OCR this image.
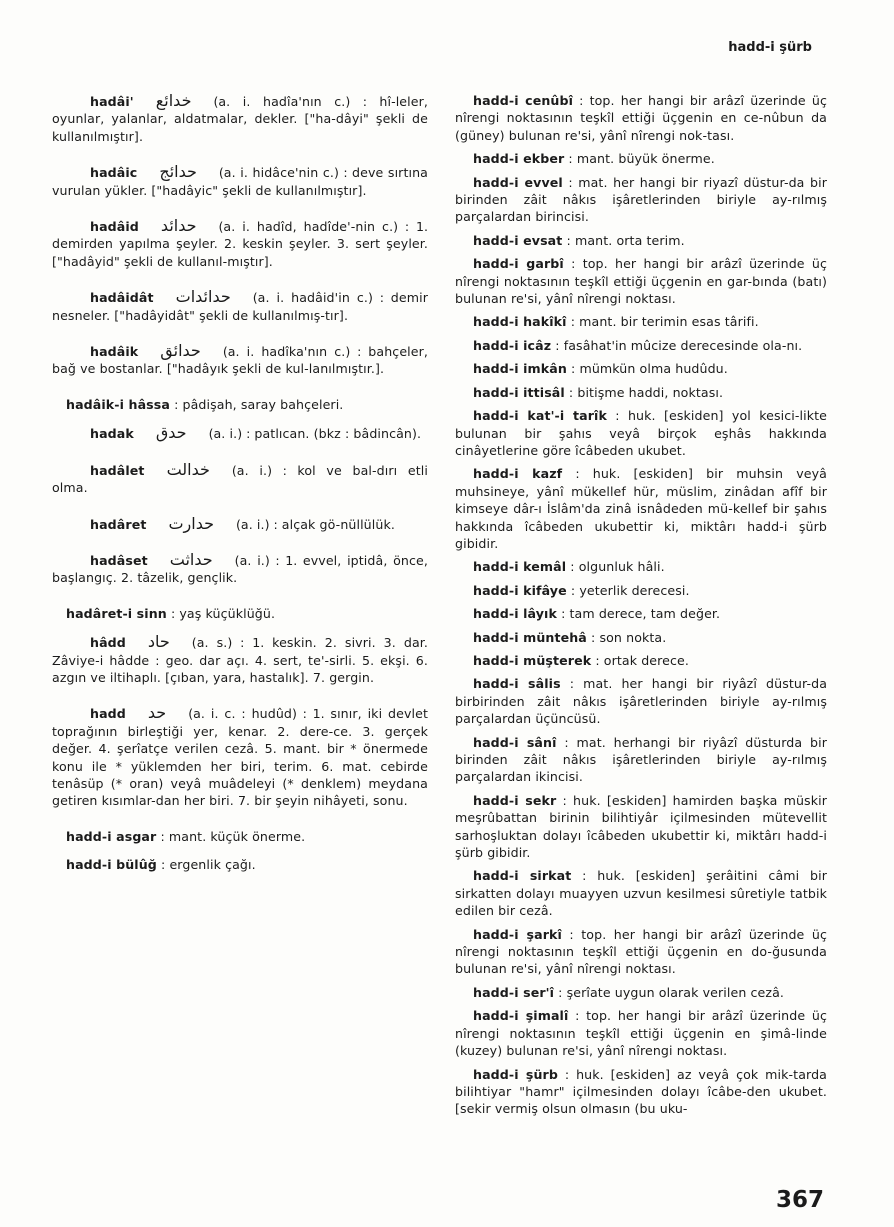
hadd-i şürb

hadâi' خدائع (a. i. hadîa'nın c.) : hî-leler, oyunlar, yalanlar, aldatmalar, dekler. ["ha-dâyi" şekli de kullanılmıştır].

hadâic حدائج (a. i. hidâce'nin c.) : deve sırtına vurulan yükler. ["hadâyic" şekli de kullanılmıştır].

hadâid حدائد (a. i. hadîd, hadîde'-nin c.) : 1. demirden yapılma şeyler. 2. keskin şeyler. 3. sert şeyler. ["hadâyid" şekli de kullanıl-mıştır].

hadâidât حدائدات (a. i. hadâid'in c.) : demir nesneler. ["hadâyidât" şekli de kullanılmış-tır].

hadâik حدائق (a. i. hadîka'nın c.) : bahçeler, bağ ve bostanlar. ["hadâyık şekli de kul-lanılmıştır.].

hadâik-i hâssa : pâdişah, saray bahçeleri.

hadak حدق (a. i.) : patlıcan. (bkz : bâdincân).

hadâlet خدالت (a. i.) : kol ve bal-dırı etli olma.

hadâret حدارت (a. i.) : alçak gö-nüllülük.

hadâset حداثت (a. i.) : 1. evvel, iptidâ, önce, başlangıç. 2. tâzelik, gençlik.

hadâret-i sinn : yaş küçüklüğü.

hâdd حاد (a. s.) : 1. keskin. 2. sivri. 3. dar. Zâviye-i hâdde : geo. dar açı. 4. sert, te'-sirli. 5. ekşi. 6. azgın ve iltihaplı. [çıban, yara, hastalık]. 7. gergin.

hadd حد (a. i. c. : hudûd) : 1. sınır, iki devlet toprağının birleştiği yer, kenar. 2. dere-ce. 3. gerçek değer. 4. şerîatçe verilen cezâ. 5. mant. bir * önermede konu ile * yüklemden her biri, terim. 6. mat. cebirde tenâsüp (* oran) veyâ muâdeleyi (* denklem) meydana getiren kısımlar-dan her biri. 7. bir şeyin nihâyeti, sonu.

hadd-i asgar : mant. küçük önerme.

hadd-i bülûğ : ergenlik çağı.

hadd-i cenûbî : top. her hangi bir arâzî üzerinde üç nîrengi noktasının teşkîl ettiği üçgenin en ce-nûbun da (güney) bulunan re'si, yânî nîrengi nok-tası.

hadd-i ekber : mant. büyük önerme.

hadd-i evvel : mat. her hangi bir riyazî düstur-da bir birinden zâit nâkıs işâretlerinden biriyle ay-rılmış parçalardan birincisi.

hadd-i evsat : mant. orta terim.

hadd-i garbî : top. her hangi bir arâzî üzerinde üç nîrengi noktasının teşkîl ettiği üçgenin en gar-bında (batı) bulunan re'si, yânî nîrengi noktası.

hadd-i hakîkî : mant. bir terimin esas târifi.

hadd-i icâz : fasâhat'in mûcize derecesinde ola-nı.

hadd-i imkân : mümkün olma hudûdu.

hadd-i ittisâl : bitişme haddi, noktası.

hadd-i kat'-i tarîk : huk. [eskiden] yol kesici-likte bulunan bir şahıs veyâ birçok eşhâs hakkında cinâyetlerine göre îcâbeden ukubet.

hadd-i kazf : huk. [eskiden] bir muhsin veyâ muhsineye, yânî mükellef hür, müslim, zinâdan afîf bir kimseye dâr-ı İslâm'da zinâ isnâdeden mü-kellef bir şahıs hakkında îcâbeden ukubettir ki, miktârı hadd-i şürb gibidir.

hadd-i kemâl : olgunluk hâli.

hadd-i kifâye : yeterlik derecesi.

hadd-i lâyık : tam derece, tam değer.

hadd-i müntehâ : son nokta.

hadd-i müşterek : ortak derece.

hadd-i sâlis : mat. her hangi bir riyâzî düstur-da birbirinden zâit nâkıs işâretlerinden biriyle ay-rılmış parçalardan üçüncüsü.

hadd-i sânî : mat. herhangi bir riyâzî düsturda bir birinden zâit nâkıs işâretlerinden biriyle ay-rılmış parçalardan ikincisi.

hadd-i sekr : huk. [eskiden] hamirden başka müskir meşrûbattan birinin bilihtiyâr içilmesinden mütevellit sarhoşluktan dolayı îcâbeden ukubettir ki, miktârı hadd-i şürb gibidir.

hadd-i sirkat : huk. [eskiden] şerâitini câmi bir sirkatten dolayı muayyen uzvun kesilmesi sûretiyle tatbik edilen bir cezâ.

hadd-i şarkî : top. her hangi bir arâzî üzerinde üç nîrengi noktasının teşkîl ettiği üçgenin en do-ğusunda bulunan re'si, yânî nîrengi noktası.

hadd-i ser'î : şerîate uygun olarak verilen cezâ.

hadd-i şimalî : top. her hangi bir arâzî üzerinde üç nîrengi noktasının teşkîl ettiği üçgenin en şimâ-linde (kuzey) bulunan re'si, yânî nîrengi noktası.

hadd-i şürb : huk. [eskiden] az veyâ çok mik-tarda bilihtiyar "hamr" içilmesinden dolayı îcâbe-den ukubet. [sekir vermiş olsun olmasın (bu uku-

367
